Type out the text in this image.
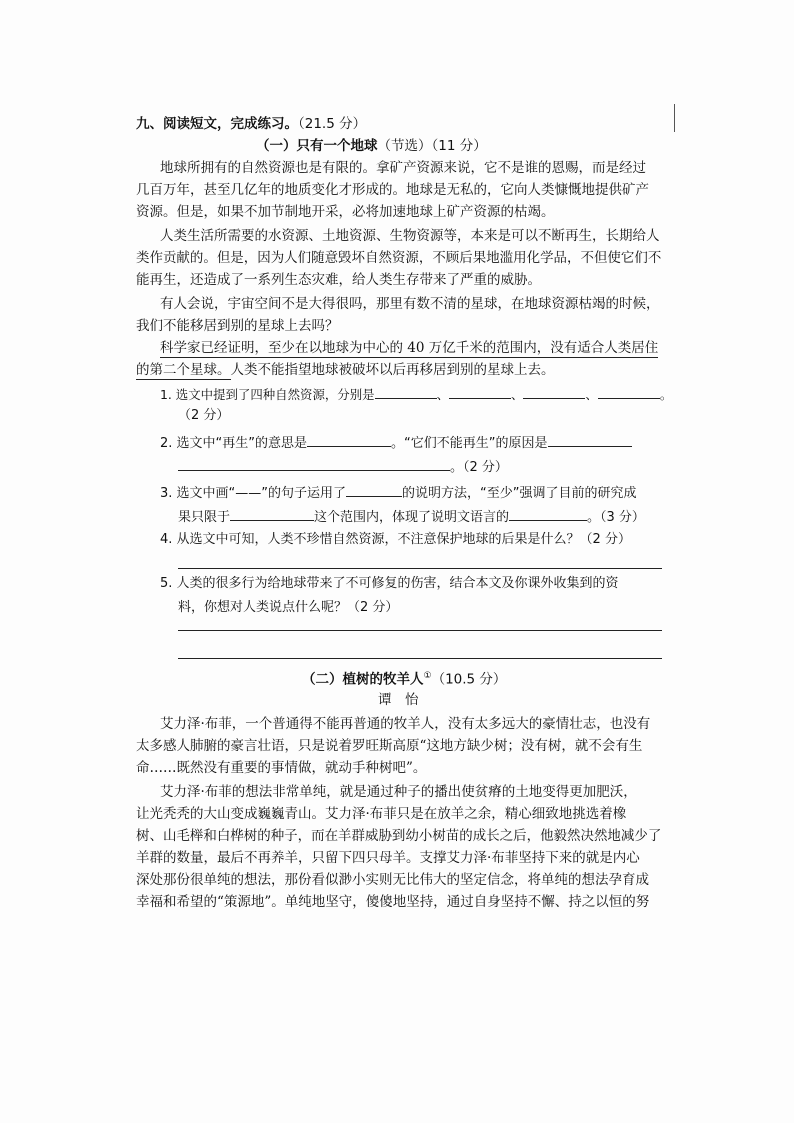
九、阅读短文，完成练习。（21.5 分）
（一）只有一个地球（节选）（11 分）
地球所拥有的自然资源也是有限的。拿矿产资源来说，它不是谁的恩赐，而是经过
几百万年，甚至几亿年的地质变化才形成的。地球是无私的，它向人类慷慨地提供矿产
资源。但是，如果不加节制地开采，必将加速地球上矿产资源的枯竭。
人类生活所需要的水资源、土地资源、生物资源等，本来是可以不断再生，长期给人
类作贡献的。但是，因为人们随意毁坏自然资源，不顾后果地滥用化学品，不但使它们不
能再生，还造成了一系列生态灾难，给人类生存带来了严重的威胁。
有人会说，宇宙空间不是大得很吗，那里有数不清的星球，在地球资源枯竭的时候，
我们不能移居到别的星球上去吗？
科学家已经证明，至少在以地球为中心的 40 万亿千米的范围内，没有适合人类居住
的第二个星球。人类不能指望地球被破坏以后再移居到别的星球上去。
1. 选文中提到了四种自然资源，分别是	、	、	、	。
（2 分）
2. 选文中“再生”的意思是	。“它们不能再生”的原因是
。（2 分）
3. 选文中画“——”的句子运用了	的说明方法，“至少”强调了目前的研究成
果只限于	这个范围内，体现了说明文语言的	。（3 分）
4. 从选文中可知，人类不珍惜自然资源，不注意保护地球的后果是什么？（2 分）
5. 人类的很多行为给地球带来了不可修复的伤害，结合本文及你课外收集到的资
料，你想对人类说点什么呢？（2 分）
（二）植树的牧羊人①（10.5 分）
谭　怡
艾力泽·布菲，一个普通得不能再普通的牧羊人，没有太多远大的豪情壮志，也没有
太多感人肺腑的豪言壮语，只是说着罗旺斯高原“这地方缺少树；没有树，就不会有生
命……既然没有重要的事情做，就动手种树吧”。
艾力泽·布菲的想法非常单纯，就是通过种子的播出使贫瘠的土地变得更加肥沃，
让光秃秃的大山变成巍巍青山。艾力泽·布菲只是在放羊之余，精心细致地挑选着橡
树、山毛榉和白桦树的种子，而在羊群威胁到幼小树苗的成长之后，他毅然决然地减少了
羊群的数量，最后不再养羊，只留下四只母羊。支撑艾力泽·布菲坚持下来的就是内心
深处那份很单纯的想法，那份看似渺小实则无比伟大的坚定信念，将单纯的想法孕育成
幸福和希望的“策源地”。单纯地坚守，傻傻地坚持，通过自身坚持不懈、持之以恒的努
